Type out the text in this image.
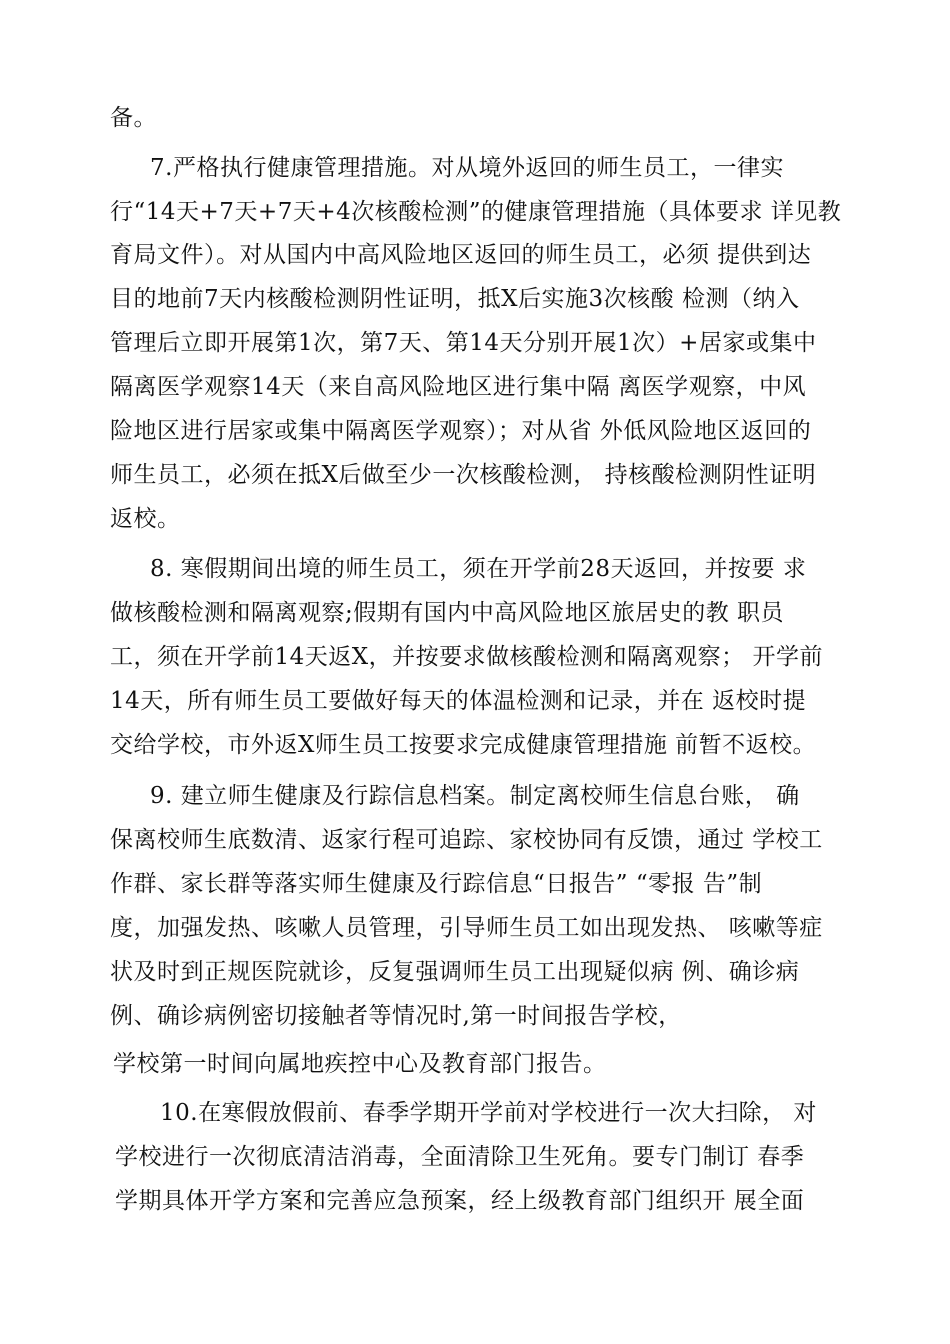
备。
7.严格执行健康管理措施。对从境外返回的师生员工，一律实
行“14天+7天+7天+4次核酸检测”的健康管理措施（具体要求 详见教
育局文件）。对从国内中高风险地区返回的师生员工，必须 提供到达
目的地前7天内核酸检测阴性证明，抵X后实施3次核酸 检测（纳入
管理后立即开展第1次，第7天、第14天分别开展1次）+居家或集中
隔离医学观察14天（来自高风险地区进行集中隔 离医学观察，中风
险地区进行居家或集中隔离医学观察）；对从省 外低风险地区返回的
师生员工，必须在抵X后做至少一次核酸检测， 持核酸检测阴性证明
返校。
8. 寒假期间出境的师生员工，须在开学前28天返回，并按要 求
做核酸检测和隔离观察;假期有国内中高风险地区旅居史的教 职员
工，须在开学前14天返X，并按要求做核酸检测和隔离观察； 开学前
14天，所有师生员工要做好每天的体温检测和记录，并在 返校时提
交给学校，市外返X师生员工按要求完成健康管理措施 前暂不返校。
9. 建立师生健康及行踪信息档案。制定离校师生信息台账， 确
保离校师生底数清、返家行程可追踪、家校协同有反馈，通过 学校工
作群、家长群等落实师生健康及行踪信息“日报告” “零报 告”制
度，加强发热、咳嗽人员管理，引导师生员工如出现发热、 咳嗽等症
状及时到正规医院就诊，反复强调师生员工出现疑似病 例、确诊病
例、确诊病例密切接触者等情况时,第一时间报告学校，
学校第一时间向属地疾控中心及教育部门报告。
10.在寒假放假前、春季学期开学前对学校进行一次大扫除， 对
学校进行一次彻底清洁消毒，全面清除卫生死角。要专门制订 春季
学期具体开学方案和完善应急预案，经上级教育部门组织开 展全面
